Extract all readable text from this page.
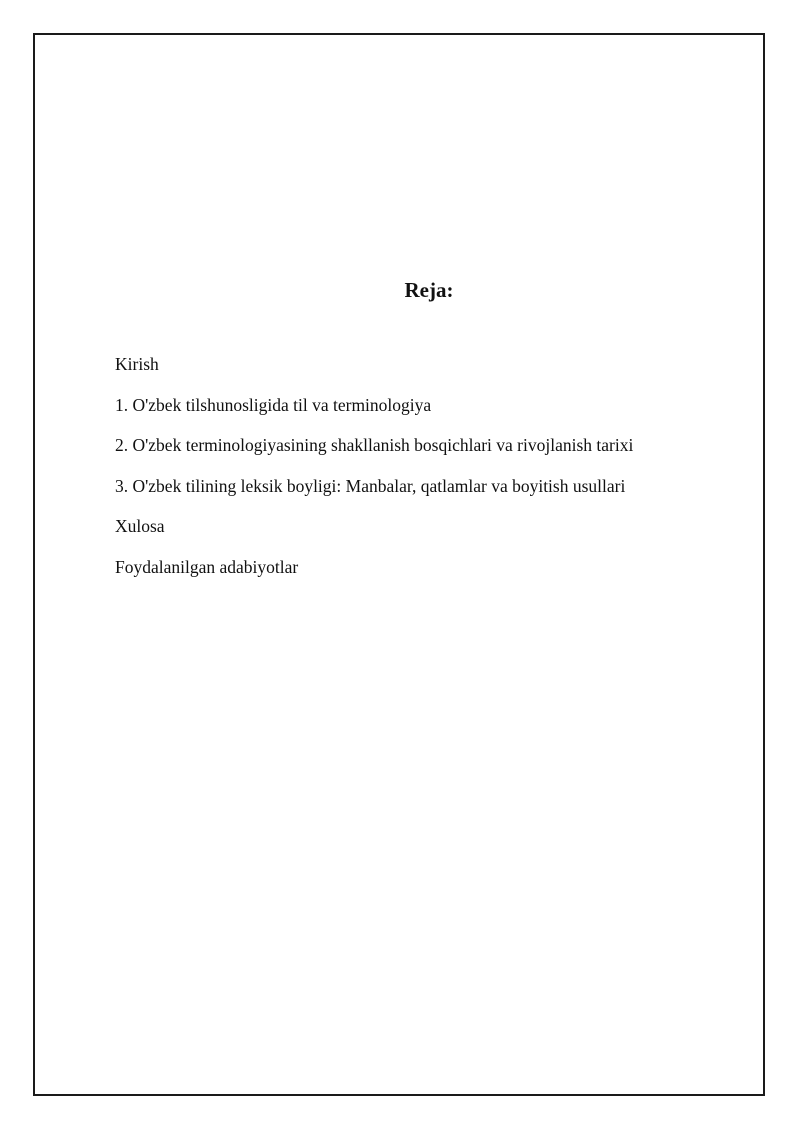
Reja:
Kirish
1. O'zbek tilshunosligida til va terminologiya
2. O'zbek terminologiyasining shakllanish bosqichlari va rivojlanish tarixi
3. O'zbek tilining leksik boyligi: Manbalar, qatlamlar va boyitish usullari
Xulosa
Foydalanilgan adabiyotlar
